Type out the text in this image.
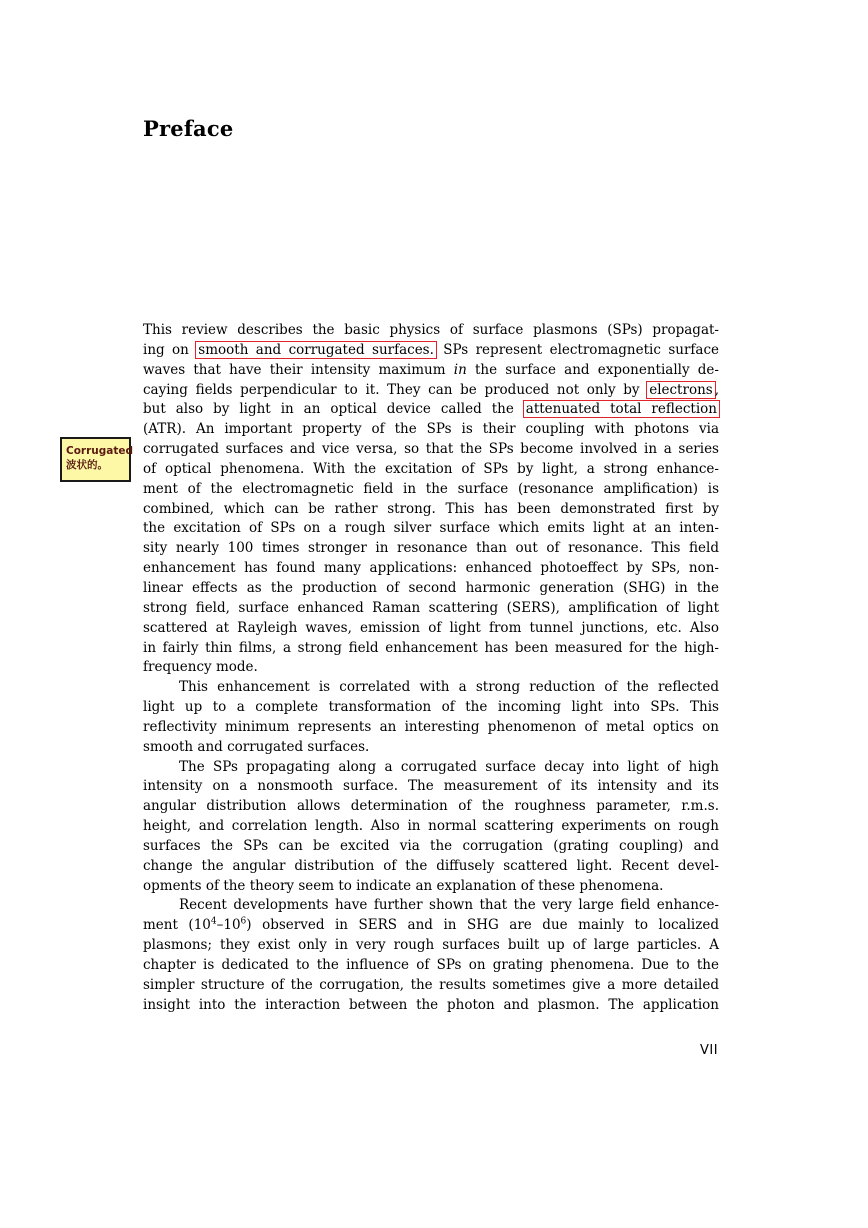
Preface
Corrugated
波状的。
This review describes the basic physics of surface plasmons (SPs) propagat-
ing on smooth and corrugated surfaces. SPs represent electromagnetic surface
waves that have their intensity maximum in the surface and exponentially de-
caying fields perpendicular to it. They can be produced not only by electrons ,
but also by light in an optical device called the attenuated total reflection
(ATR). An important property of the SPs is their coupling with photons via
corrugated surfaces and vice versa, so that the SPs become involved in a series
of optical phenomena. With the excitation of SPs by light, a strong enhance-
ment of the electromagnetic field in the surface (resonance amplification) is
combined, which can be rather strong. This has been demonstrated first by
the excitation of SPs on a rough silver surface which emits light at an inten-
sity nearly 100 times stronger in resonance than out of resonance. This field
enhancement has found many applications: enhanced photoeffect by SPs, non-
linear effects as the production of second harmonic generation (SHG) in the
strong field, surface enhanced Raman scattering (SERS), amplification of light
scattered at Rayleigh waves, emission of light from tunnel junctions, etc. Also
in fairly thin films, a strong field enhancement has been measured for the high-
frequency mode.
This enhancement is correlated with a strong reduction of the reflected
light up to a complete transformation of the incoming light into SPs. This
reflectivity minimum represents an interesting phenomenon of metal optics on
smooth and corrugated surfaces.
The SPs propagating along a corrugated surface decay into light of high
intensity on a nonsmooth surface. The measurement of its intensity and its
angular distribution allows determination of the roughness parameter, r.m.s.
height, and correlation length. Also in normal scattering experiments on rough
surfaces the SPs can be excited via the corrugation (grating coupling) and
change the angular distribution of the diffusely scattered light. Recent devel-
opments of the theory seem to indicate an explanation of these phenomena.
Recent developments have further shown that the very large field enhance-
ment $(10^4-10^6)$ observed in SERS and in SHG are due mainly to localized
plasmons; they exist only in very rough surfaces built up of large particles. A
chapter is dedicated to the influence of SPs on grating phenomena. Due to the
simpler structure of the corrugation, the results sometimes give a more detailed
insight into the interaction between the photon and plasmon. The application
VII
